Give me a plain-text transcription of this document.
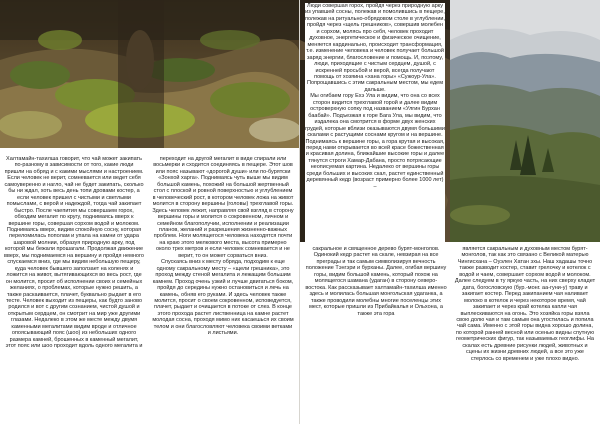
Халтамайн-тахилша говорит, что чай может закипать по-разному в зависимости от того, какие люди пришли на обряд и с какими мыслями и настроением. Если человек не верит, сомневается или ведет себя самоуверенно и нагло, чай не будет закипать, сколько бы ни ждал, хоть весь день топи дровами костер, а если человек пришел с чистыми и светлыми помыслами, с верой и надеждой, тогда чай закипает быстро. После чаепития мы совершаем горох, обходим мегалит по кругу, поднимаясь вверх к вершине горы, совершая сорхом водой и молоком.

Поднимаясь вверх, видим спокойную сосну, которая переломилась пополам и упала на камни от удара шаровой молнии, образуя природную арку, под которой мы бежали прошагали. Продолжая движение вверх, мы поднимаемся на вершину и пройдя немного спускаемся вниз, где мы видим небольшую пещеру, куда человек бывшего заползает на коленях и ложится на живот, вытягивающихся во весь рост, где он молится, просит об исполнении своих и семейных желаниях, о проблемах, которые нужно решить, а также раскаивается, плачет, буквально рыдает в его тесте. Человек выходит из пещеры, как будто заново родился и вот с другим сознанием, чистой душой и открытым сердцем, он смотрит на мир уже другими глазами. Недалеко в этом же месте между двумя каменными мегалитами видим вроде и отличное опоясывающий пояс (шоо) из небольших одного размера камней, брошенных в каменный мегалит, этот пояс или шоо проходит вдоль одного мегалита и

переходит на другой мегалит в виде спирали или восьмерки и сходится соединяясь в пещере. Этот шов или пояс называют «дорогой души» или по-бурятски «Зонхой харга». Поднимаясь чуть выше мы видим большой камень, похожий на большой жертвенный стол с плоской и ровной поверхностью и углублением в человеческий рост, в котором человек ложа на живот молится в сторону вершины (головы) трехглавой горы. Здесь человек лежит, направляя свой взгляд в сторону вершины горы и молится о сокровенном, личном и семейном благополучии, исполнении и реализации планов, желаний и разрешения жизненно-важных проблем. Ноги молящегося человека находятся почти на краю этого мелкового места, высота примерно около трех метров и если человек сомневается и не верит, то он может сорваться вниз.

Спускаясь вниз к месту обряда, подходим к еще одному сакральному месту – «щели грешника», это проход между стеной мегалита и лежащим большим камнем. Проход очень узкий и лучше двигаться боком, пройдя до середины нужно остановиться и лечь на камень, обняв его руками. И здесь человек также молится, просит о своем сокровенном, исповедуется, плачет, рыдает и очищается в потоке от слез. В конце этого прохода растет лиственница на камне растет молодая сосна, проходя мимо них касаешься их своим телом и они благословляют человека своими ветками и листьями.

является сакральным и духовным местом бурят-монголов, так как это связано с Великой матерью Чингисхана – Оуэлен Хатан эхы. Наш хадашы точно также разводит костер, ставит грелочку и котелок с водой и чаем, совершает сорхом водой и молоком. Далее следуем в ту яркую часть, на них сверху кладет дата, богословскую (бур.-монг. аа-гуни-у) траву и закигает костер. Перед закипанием чая наливает молоко в котелок и через некоторое время, чай закипает и через край котелка капли чая выплескиваются на огонь. Это хозяйка горы взяла свою долю чая и там самым она угостилась и попила чай сама. Именно с этой горы видна хорошо долина, по которой ранней весной или осенью видны спутную геометрических фигур, так называемых геоглифы. На скалах есть древние рисунки людей, животных и сцены их жизни древних людей, а все это уже стерлось со временем и уже плохо видно.

сакральное и священное дерево бурят-монголов. Одинокий кедр растет на скале, невзирая на все преграды и так самым символизируя вечность положение Тэнгэри и бурханы. Далее, огибая вершину горы, видим большой камень, который похож на молящегося шамана (удаган) в сторону северо-востока. Как рассказывает халтамайн-тахилша именно здесь и молилась большая монгольская удаганка, а также проводили молебны многие поселенцы этих мест, которые пришли из Прибайкалья и Ольхона, а также эта гора

Люди совершая горох, пройдя через природную арку из упавшей сосны, полежав и помолившись в пещере, полежав на ритуально-обрядовом столе в углублении, пройдя через «щель грешников», совершив молебен и сорхом, молясь про себя, человек проходит духовное, энергетическое и физическое очищение, меняется кардинально, происходит трансформация, т.е. изменение человека и человек получает большой заряд энергии, благословение и помощь. И, поэтому, люди, приходящие с чистым сердцем, душой, с искренней просьбой и верой, всегда получают помощь от хозяина «хана горы» «Сужоур-Ула».

Попрощавшись с этим сакральным местом, мы едем дальше.

Мы огибаем гору Ехэ Ула и видим, что она со всех сторон видится трехглавой горой и далее видим островерхную сопку под названием «Улгин Бурхан баабай». Подъезжая к горе Бага Ула, мы видим, что издалека она смотрится в форме двух женских грудей, которые вблизи оказываются двумя большими скалами с растущими соснами кругом и на вершине. Поднимаясь к вершине горы, а гора крутая и высокая, перед нами открывается во всей красе божественная и красивая долина, ближайшие высокие горы и далее тянутся строги Хамар-Дабана, просто потрясающие неописуемая картина. Недалеко от вершины горы среди больших и высоких скал, растет единственный деревянный кедр (возраст примерно более 1000 лет) –
